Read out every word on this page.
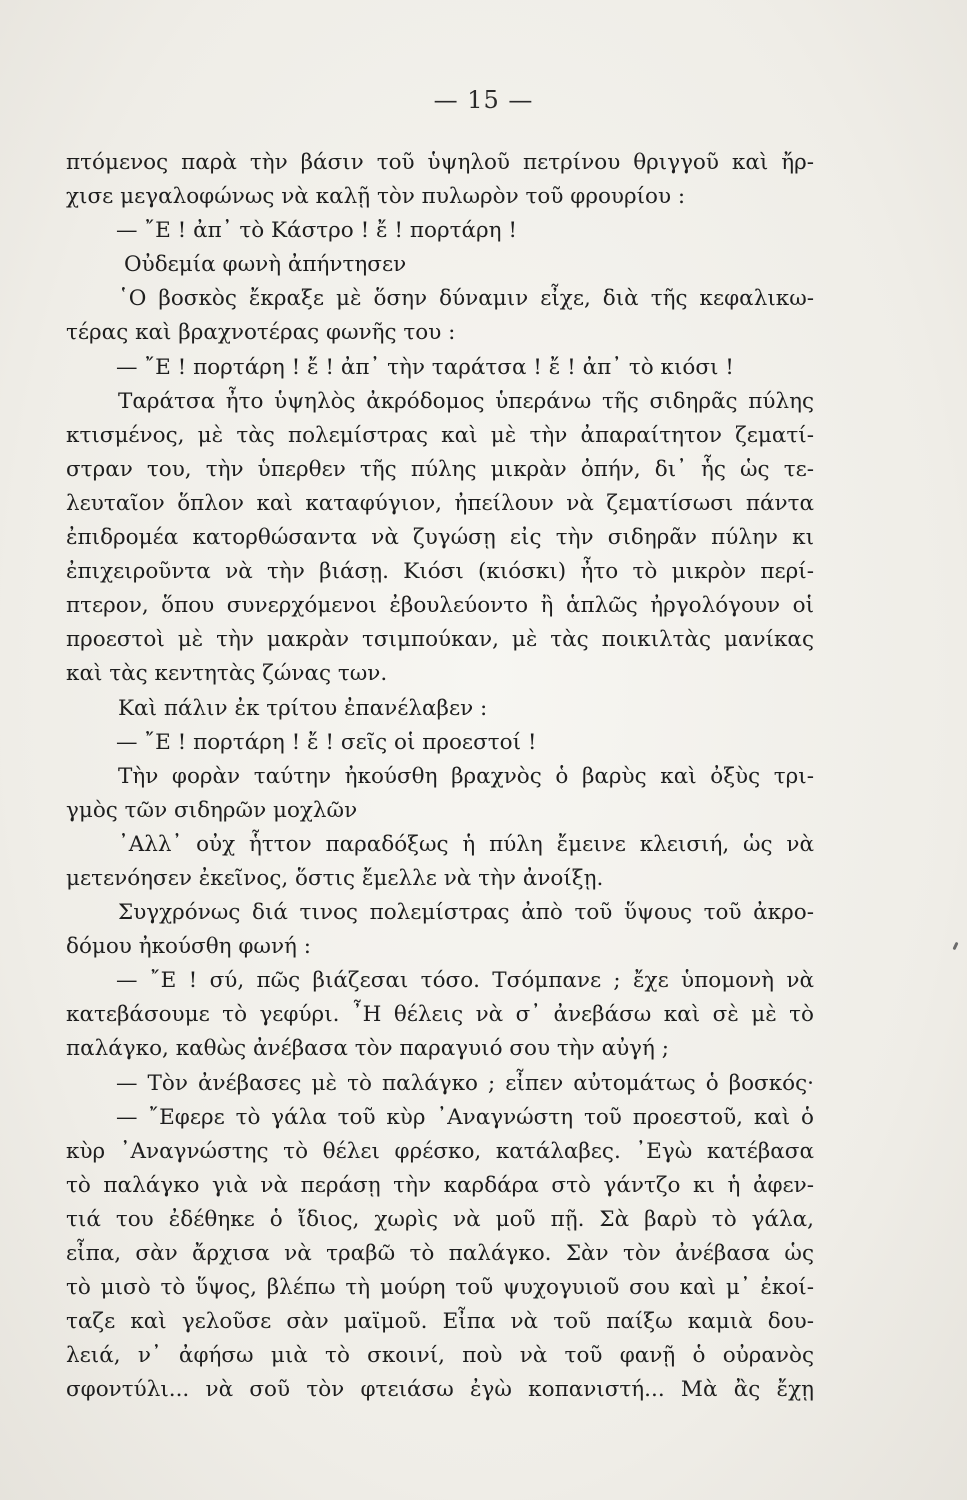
— 15 —
πτόμενος παρὰ τὴν βάσιν τοῦ ὑψηλοῦ πετρίνου θριγγοῦ καὶ ἤρ-
χισε μεγαλοφώνως νὰ καλῇ τὸν πυλωρὸν τοῦ φρουρίου :
— ῎Ε ! ἀπ᾽ τὸ Κάστρο ! ἔ ! πορτάρη !
Οὐδεμία φωνὴ ἀπήντησεν
῾Ο βοσκὸς ἔκραξε μὲ ὅσην δύναμιν εἶχε, διὰ τῆς κεφαλικω-
τέρας καὶ βραχνοτέρας φωνῆς του :
— ῎Ε ! πορτάρη ! ἔ ! ἀπ᾽ τὴν ταράτσα ! ἔ ! ἀπ᾽ τὸ κιόσι !
Ταράτσα ἦτο ὑψηλὸς ἀκρόδομος ὑπεράνω τῆς σιδηρᾶς πύλης
κτισμένος, μὲ τὰς πολεμίστρας καὶ μὲ τὴν ἀπαραίτητον ζεματί-
στραν του, τὴν ὑπερθεν τῆς πύλης μικρὰν ὀπήν, δι᾽ ἧς ὡς τε-
λευταῖον ὅπλον καὶ καταφύγιον, ἠπείλουν νὰ ζεματίσωσι πάντα
ἐπιδρομέα κατορθώσαντα νὰ ζυγώσῃ εἰς τὴν σιδηρᾶν πύλην κι
ἐπιχειροῦντα νὰ τὴν βιάσῃ. Κιόσι (κιόσκι) ἦτο τὸ μικρὸν περί-
πτερον, ὅπου συνερχόμενοι ἐβουλεύοντο ἢ ἁπλῶς ἠργολόγουν οἱ
προεστοὶ μὲ τὴν μακρὰν τσιμπούκαν, μὲ τὰς ποικιλτὰς μανίκας
καὶ τὰς κεντητὰς ζώνας των.
Καὶ πάλιν ἐκ τρίτου ἐπανέλαβεν :
— ῎Ε ! πορτάρη ! ἔ ! σεῖς οἱ προεστοί !
Τὴν φορὰν ταύτην ἠκούσθη βραχνὸς ὁ βαρὺς καὶ ὀξὺς τρι-
γμὸς τῶν σιδηρῶν μοχλῶν
᾽Αλλ᾽ οὐχ ἧττον παραδόξως ἡ πύλη ἔμεινε κλεισιή, ὡς νὰ
μετενόησεν ἐκεῖνος, ὅστις ἔμελλε νὰ τὴν ἀνοίξῃ.
Συγχρόνως διά τινος πολεμίστρας ἀπὸ τοῦ ὕψους τοῦ ἀκρο-
δόμου ἠκούσθη φωνή :
— ῎Ε ! σύ, πῶς βιάζεσαι τόσο. Τσόμπανε ; ἔχε ὑπομονὴ νὰ
κατεβάσουμε τὸ γεφύρι. ῏Η θέλεις νὰ σ᾽ ἀνεβάσω καὶ σὲ μὲ τὸ
παλάγκο, καθὼς ἀνέβασα τὸν παραγυιό σου τὴν αὐγή ;
— Τὸν ἀνέβασες μὲ τὸ παλάγκο ; εἶπεν αὐτομάτως ὁ βοσκός·
— ῎Εφερε τὸ γάλα τοῦ κὺρ ᾽Αναγνώστη τοῦ προεστοῦ, καὶ ὁ
κὺρ ᾽Αναγνώστης τὸ θέλει φρέσκο, κατάλαβες. ᾽Εγὼ κατέβασα
τὸ παλάγκο γιὰ νὰ περάσῃ τὴν καρδάρα στὸ γάντζο κι ἡ ἀφεν-
τιά του ἐδέθηκε ὁ ἴδιος, χωρὶς νὰ μοῦ πῇ. Σὰ βαρὺ τὸ γάλα,
εἶπα, σὰν ἄρχισα νὰ τραβῶ τὸ παλάγκο. Σὰν τὸν ἀνέβασα ὡς
τὸ μισὸ τὸ ὕψος, βλέπω τὴ μούρη τοῦ ψυχογυιοῦ σου καὶ μ᾽ ἐκοί-
ταζε καὶ γελοῦσε σὰν μαϊμοῦ. Εἶπα νὰ τοῦ παίξω καμιὰ δου-
λειά, ν᾽ ἀφήσω μιὰ τὸ σκοινί, ποὺ νὰ τοῦ φανῇ ὁ οὐρανὸς
σφοντύλι... νὰ σοῦ τὸν φτειάσω ἐγὼ κοπανιστή... Μὰ ἂς ἔχῃ
